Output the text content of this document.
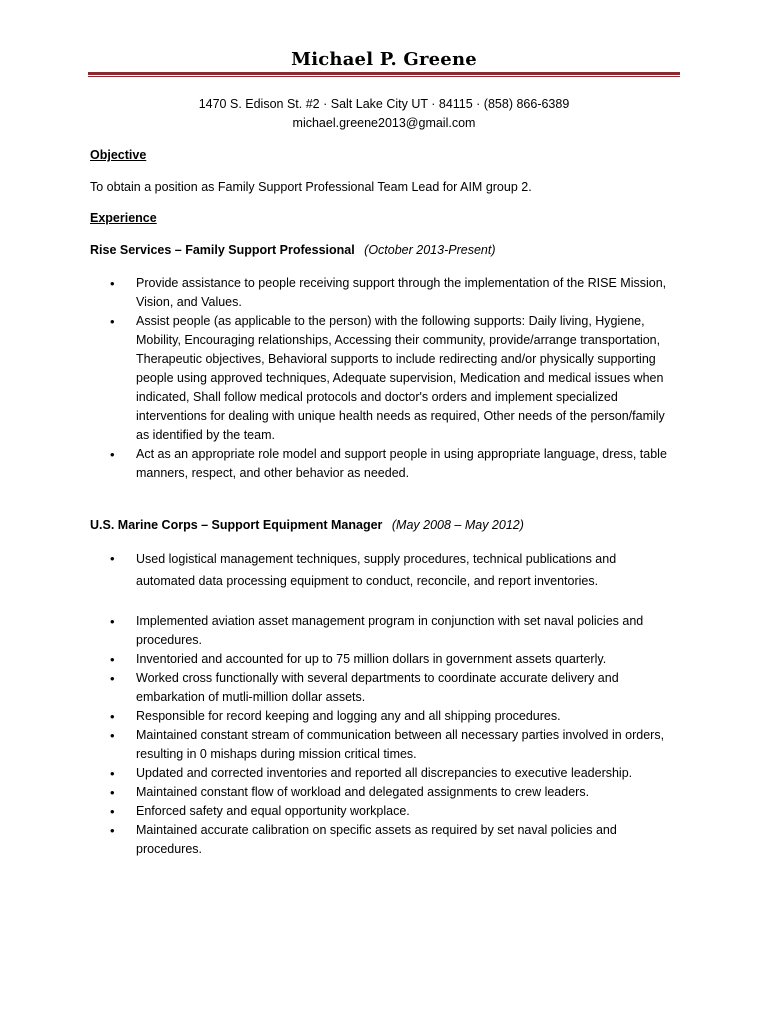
Michael P. Greene
1470 S. Edison St. #2 · Salt Lake City UT · 84115 · (858) 866-6389
michael.greene2013@gmail.com
Objective
To obtain a position as Family Support Professional Team Lead for AIM group 2.
Experience
Rise Services – Family Support Professional (October 2013-Present)
• Provide assistance to people receiving support through the implementation of the RISE Mission, Vision, and Values.
• Assist people (as applicable to the person) with the following supports: Daily living, Hygiene, Mobility, Encouraging relationships, Accessing their community, provide/arrange transportation, Therapeutic objectives, Behavioral supports to include redirecting and/or physically supporting people using approved techniques, Adequate supervision, Medication and medical issues when indicated, Shall follow medical protocols and doctor's orders and implement specialized interventions for dealing with unique health needs as required, Other needs of the person/family as identified by the team.
• Act as an appropriate role model and support people in using appropriate language, dress, table manners, respect, and other behavior as needed.
U.S. Marine Corps – Support Equipment Manager (May 2008 – May 2012)
• Used logistical management techniques, supply procedures, technical publications and automated data processing equipment to conduct, reconcile, and report inventories.
• Implemented aviation asset management program in conjunction with set naval policies and procedures.
• Inventoried and accounted for up to 75 million dollars in government assets quarterly.
• Worked cross functionally with several departments to coordinate accurate delivery and embarkation of mutli-million dollar assets.
• Responsible for record keeping and logging any and all shipping procedures.
• Maintained constant stream of communication between all necessary parties involved in orders, resulting in 0 mishaps during mission critical times.
• Updated and corrected inventories and reported all discrepancies to executive leadership.
• Maintained constant flow of workload and delegated assignments to crew leaders.
• Enforced safety and equal opportunity workplace.
• Maintained accurate calibration on specific assets as required by set naval policies and procedures.
